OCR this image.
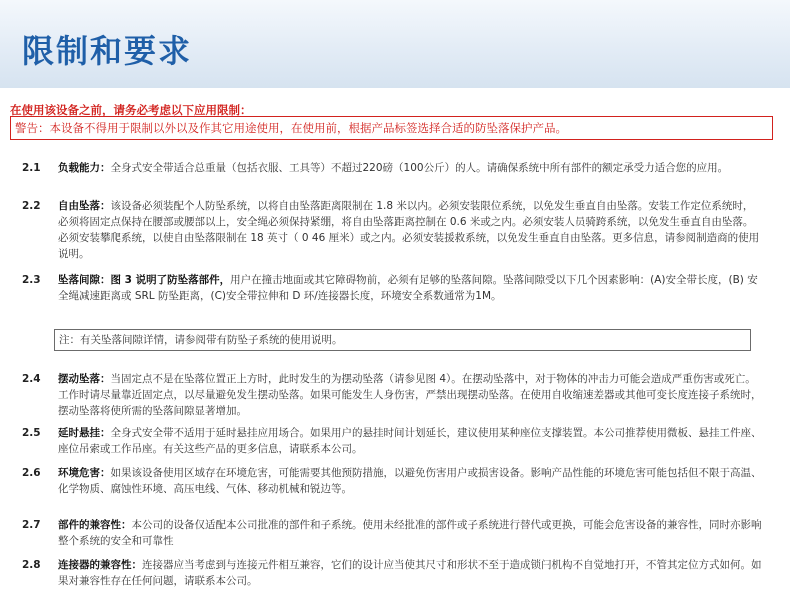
限制和要求
在使用该设备之前，请务必考虑以下应用限制：
警告：本设备不得用于限制以外以及作其它用途使用，在使用前，根据产品标签选择合适的防坠落保护产品。
2.1	负载能力：全身式安全带适合总重量（包括衣服、工具等）不超过220磅（100公斤）的人。请确保系统中所有部件的额定承受力适合您的应用。
2.2	自由坠落：该设备必须装配个人防坠系统，以将自由坠落距离限制在 1.8 米以内。必须安装限位系统，以免发生垂直自由坠落。安装工作定位系统时，必须将固定点保持在腰部或腰部以上，安全绳必须保持紧绷，将自由坠落距离控制在 0.6 米或之内。必须安装人员骑跨系统，以免发生垂直自由坠落。必须安装攀爬系统，以使自由坠落限制在 18 英寸（ 0 46 厘米）或之内。必须安装援救系统，以免发生垂直自由坠落。更多信息，请参阅制造商的使用说明。
2.3	坠落间隙：图 3 说明了防坠落部件，用户在撞击地面或其它障碍物前，必须有足够的坠落间隙。坠落间隙受以下几个因素影响：(A)安全带长度，(B) 安全绳减速距离或 SRL 防坠距离，(C)安全带拉伸和 D 环/连接器长度，环境安全系数通常为1M。
注：有关坠落间隙详情，请参阅带有防坠子系统的使用说明。
2.4	摆动坠落：当固定点不是在坠落位置正上方时，此时发生的为摆动坠落（请参见图 4）。在摆动坠落中，对于物体的冲击力可能会造成严重伤害或死亡。工作时请尽量靠近固定点，以尽量避免发生摆动坠落。如果可能发生人身伤害，严禁出现摆动坠落。在使用自收缩速差器或其他可变长度连接子系统时，摆动坠落将使所需的坠落间隙显著增加。
2.5	延时悬挂：全身式安全带不适用于延时悬挂应用场合。如果用户的悬挂时间计划延长，建议使用某种座位支撑装置。本公司推荐使用微板、悬挂工件座、座位吊索或工作吊座。有关这些产品的更多信息，请联系本公司。
2.6	环境危害：如果该设备使用区域存在环境危害，可能需要其他预防措施，以避免伤害用户或损害设备。影响产品性能的环境危害可能包括但不限于高温、化学物质、腐蚀性环境、高压电线、气体、移动机械和锐边等。
2.7	部件的兼容性：本公司的设备仅适配本公司批准的部件和子系统。使用未经批准的部件或子系统进行替代或更换，可能会危害设备的兼容性，同时亦影响整个系统的安全和可靠性
2.8	连接器的兼容性：连接器应当考虑到与连接元件相互兼容，它们的设计应当使其尺寸和形状不至于造成锁闩机构不自觉地打开，不管其定位方式如何。如果对兼容性存在任何问题，请联系本公司。
